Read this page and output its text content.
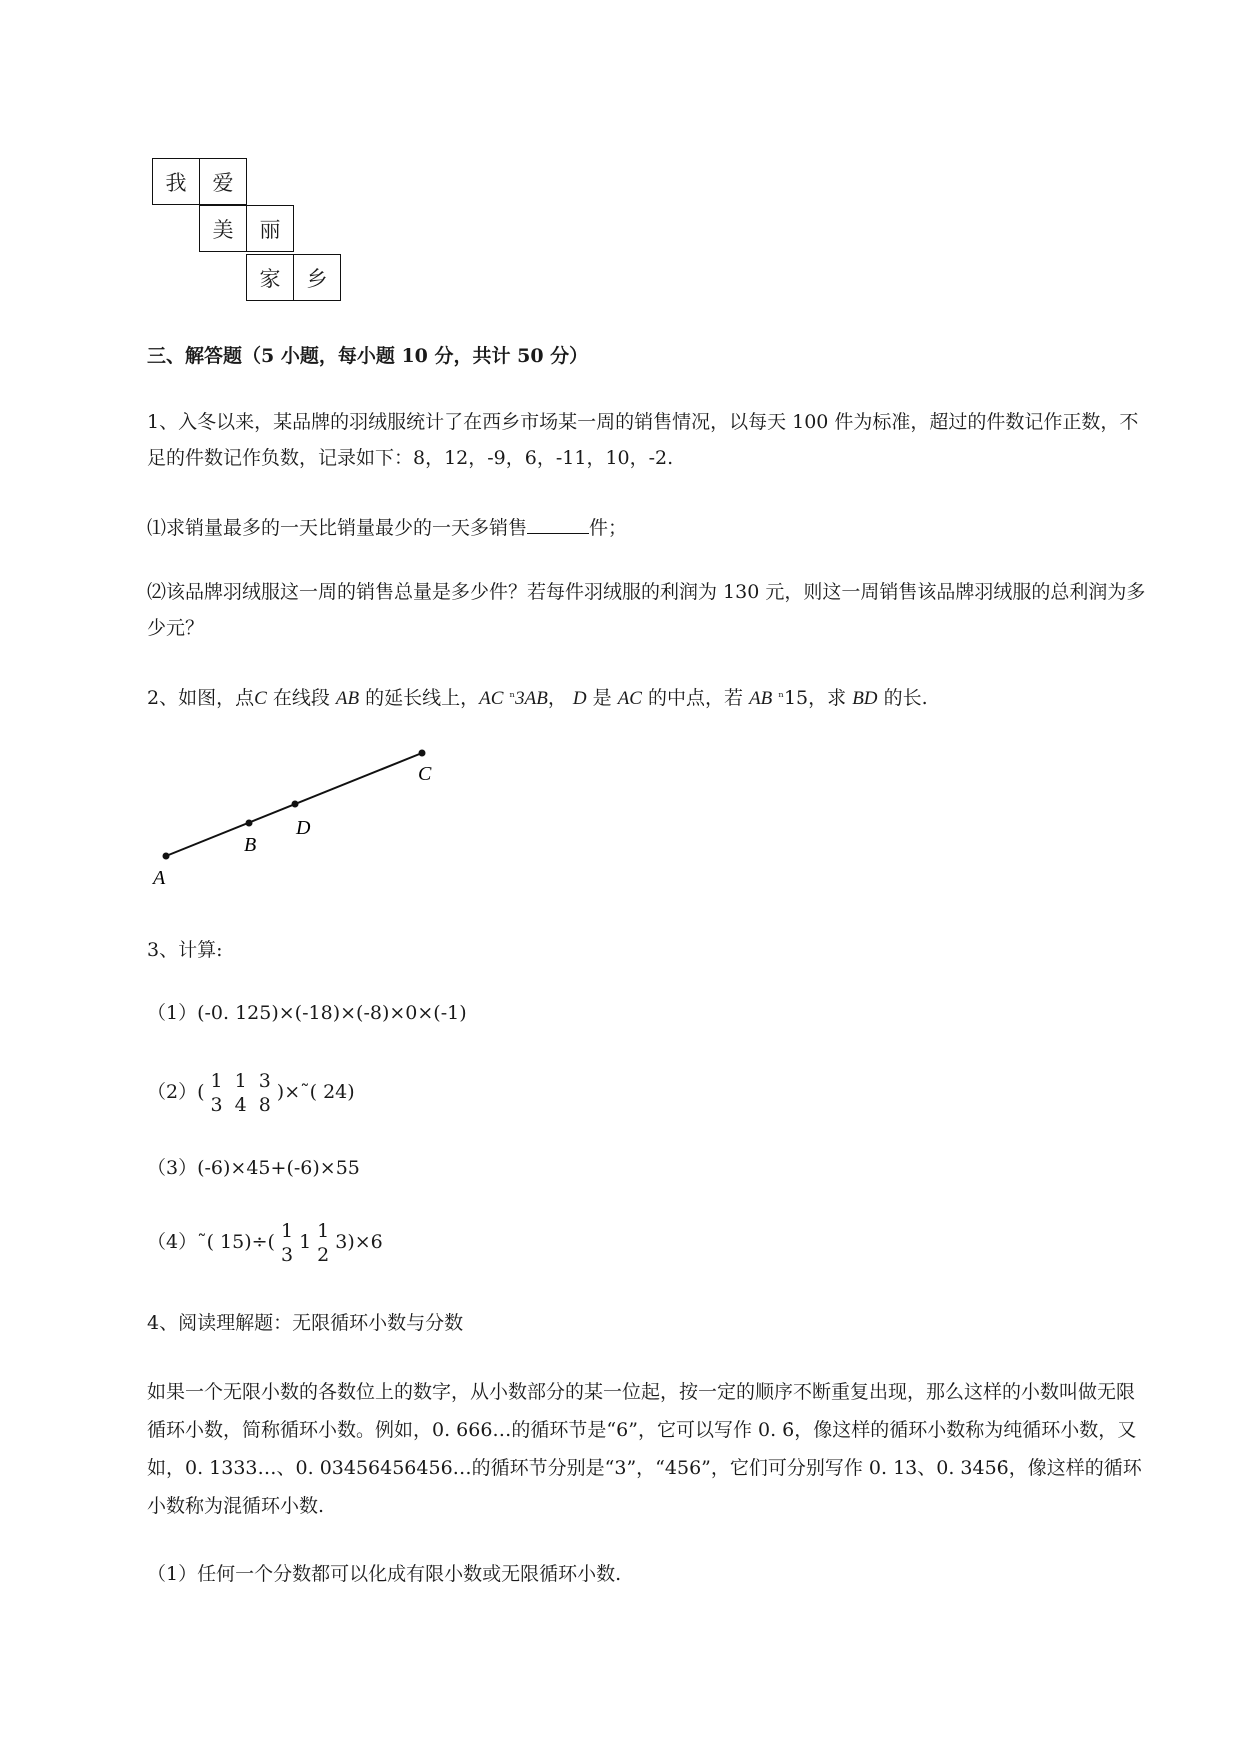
我	爱
美	丽
家	乡
三、解答题（5 小题，每小题 10 分，共计 50 分）
1、入冬以来，某品牌的羽绒服统计了在西乡市场某一周的销售情况，以每天 100 件为标准，超过的件数记作正数，不足的件数记作负数，记录如下：8，12，-9，6，-11，10，-2.
⑴求销量最多的一天比销量最少的一天多销售	件；
⑵该品牌羽绒服这一周的销售总量是多少件？若每件羽绒服的利润为 130 元，则这一周销售该品牌羽绒服的总利润为多少元？
2、如图，点C 在线段 AB 的延长线上，AC $^{^n}$3AB， D 是 AC 的中点，若 AB $^{^n}$15，求 BD 的长.
A
B
D
C
3、计算:
（1）(-0. 125)×(-18)×(-8)×0×(-1)
（2）( 1
3
1
4
3
8
)×˜( 24)
（3）(-6)×45+(-6)×55
（4）˜( 15)÷( 1
3
1 1
2
3)×6
4、阅读理解题：无限循环小数与分数
如果一个无限小数的各数位上的数字，从小数部分的某一位起，按一定的顺序不断重复出现，那么这样的小数叫做无限循环小数，简称循环小数。例如，0. 666…的循环节是“6”，它可以写作 0. 6̇，像这样的循环小数称为纯循环小数，又如，0. 1333…、0. 03456456456…的循环节分别是“3”，“456”，它们可分别写作 0. 13̇、0. 34̇56̇，像这样的循环小数称为混循环小数.
（1）任何一个分数都可以化成有限小数或无限循环小数.
